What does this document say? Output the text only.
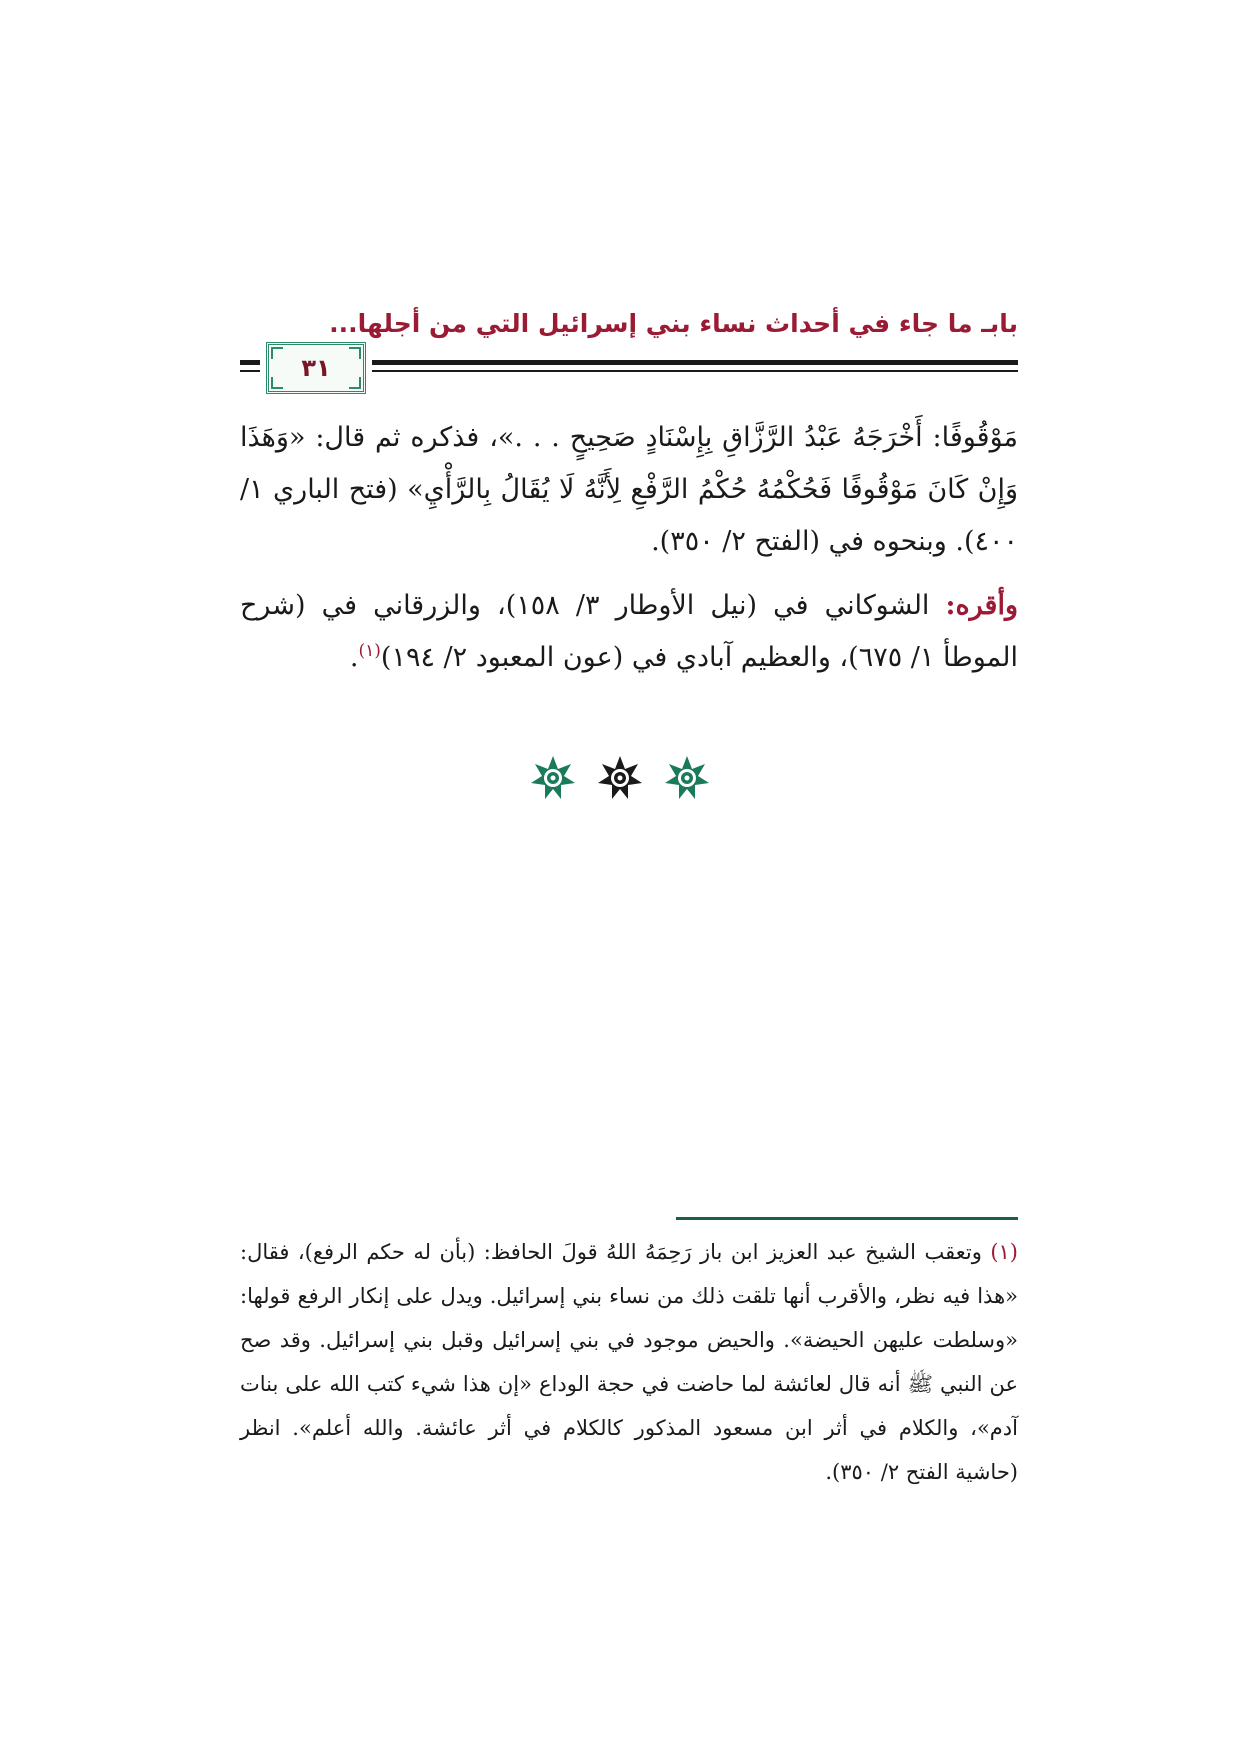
بابـ ما جاء في أحداث نساء بني إسرائيل التي من أجلها...
٣١

مَوْقُوفًا: أَخْرَجَهُ عَبْدُ الرَّزَّاقِ بِإِسْنَادٍ صَحِيحٍ . . .»، فذكره ثم قال: «وَهَذَا وَإِنْ كَانَ مَوْقُوفًا فَحُكْمُهُ حُكْمُ الرَّفْعِ لِأَنَّهُ لَا يُقَالُ بِالرَّأْيِ» (فتح الباري ١/ ٤٠٠). وبنحوه في (الفتح ٢/ ٣٥٠).

وأقره: الشوكاني في (نيل الأوطار ٣/ ١٥٨)، والزرقاني في (شرح الموطأ ١/ ٦٧٥)، والعظيم آبادي في (عون المعبود ٢/ ١٩٤)$^{(١)}$.

(١) وتعقب الشيخ عبد العزيز ابن باز رَحِمَهُ اللهُ قولَ الحافظ: (بأن له حكم الرفع)، فقال: «هذا فيه نظر، والأقرب أنها تلقت ذلك من نساء بني إسرائيل. ويدل على إنكار الرفع قولها: «وسلطت عليهن الحيضة». والحيض موجود في بني إسرائيل وقبل بني إسرائيل. وقد صح عن النبي ﷺ أنه قال لعائشة لما حاضت في حجة الوداع «إن هذا شيء كتب الله على بنات آدم»، والكلام في أثر ابن مسعود المذكور كالكلام في أثر عائشة. والله أعلم». انظر (حاشية الفتح ٢/ ٣٥٠).
